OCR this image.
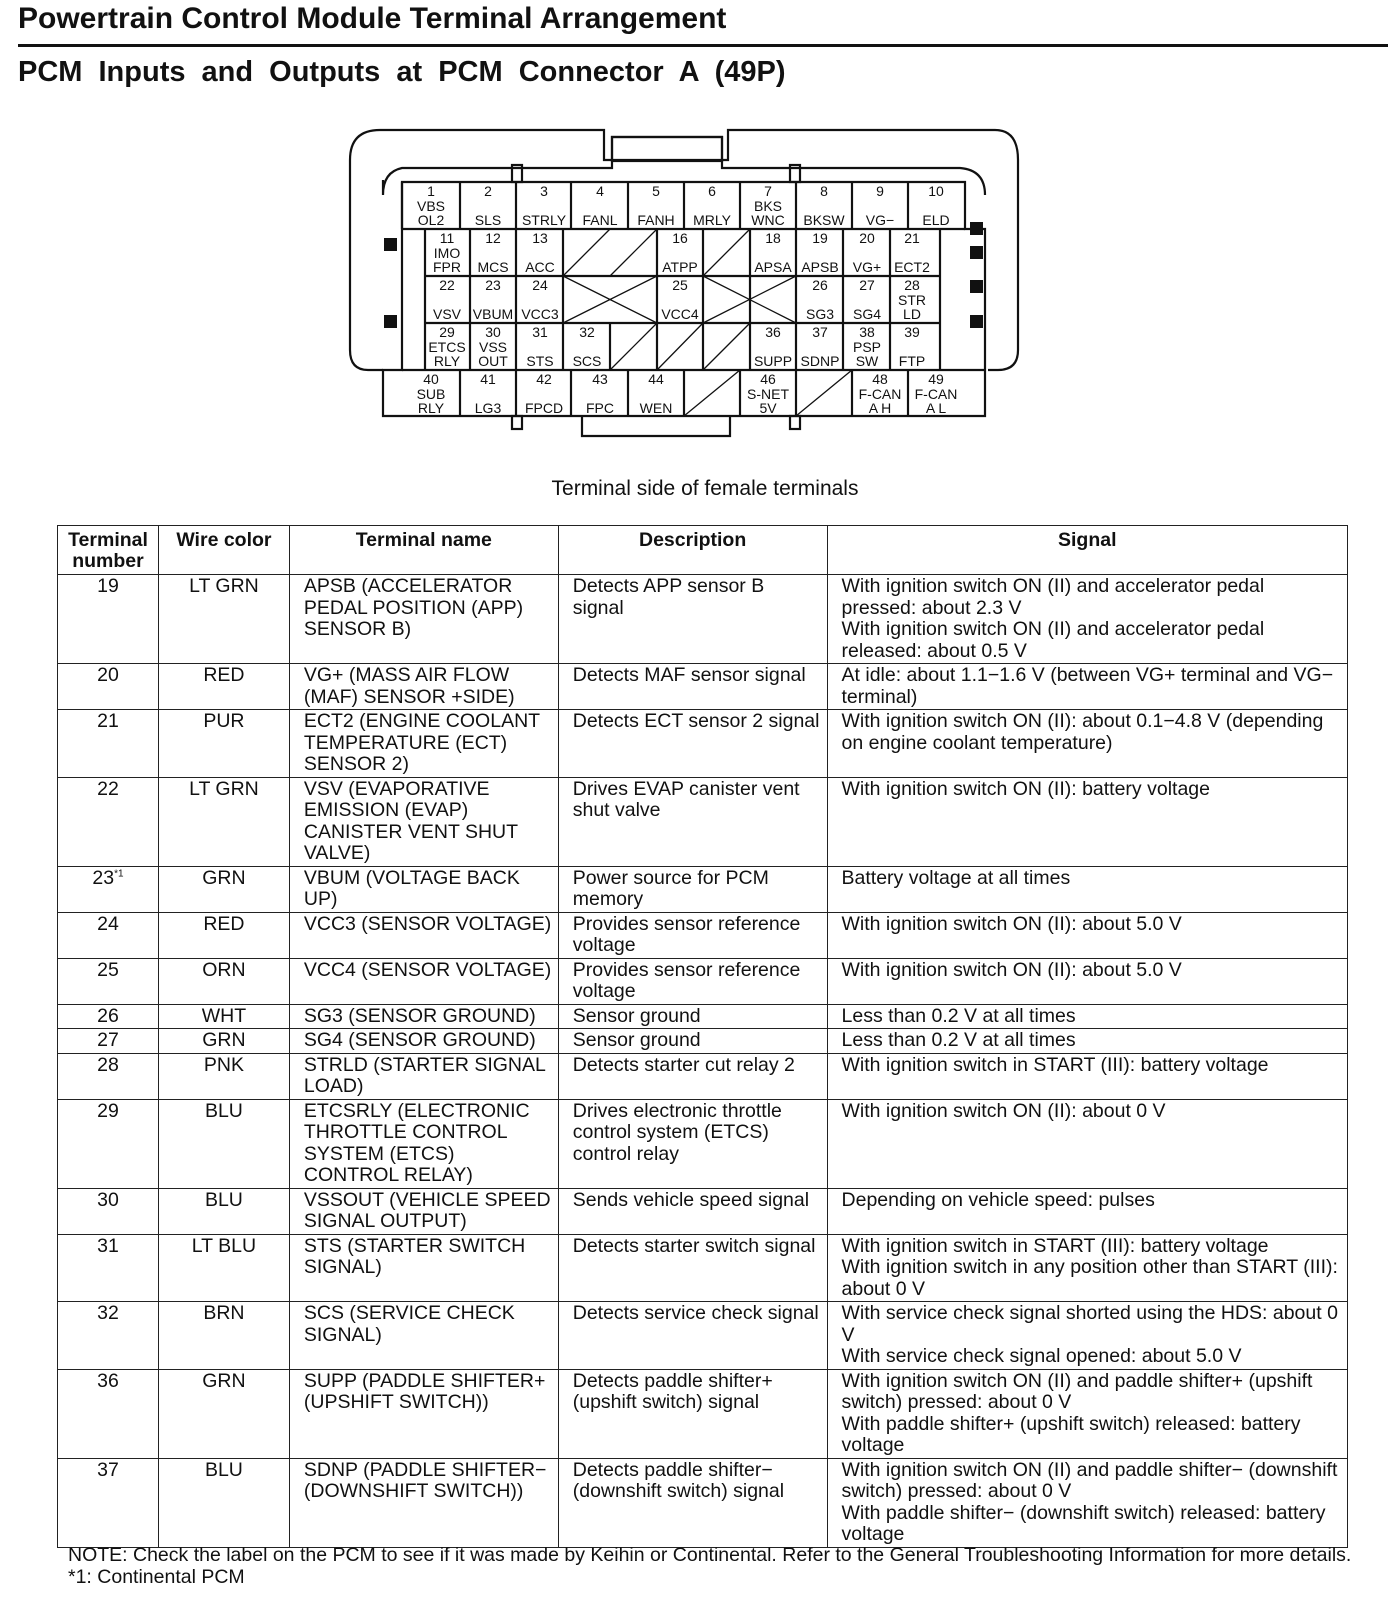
Powertrain Control Module Terminal Arrangement
PCM Inputs and Outputs at PCM Connector A (49P)
1
VBS
OL2
2
SLS
3
STRLY
4
FANL
5
FANH
6
MRLY
7
BKS
WNC
8
BKSW
9
VG−
10
ELD
11
IMO
FPR
12
MCS
13
ACC
16
ATPP
18
APSA
19
APSB
20
VG+
21
ECT2
22
VSV
23
VBUM
24
VCC3
25
VCC4
26
SG3
27
SG4
28
STR
LD
29
ETCS
RLY
30
VSS
OUT
31
STS
32
SCS
36
SUPP
37
SDNP
38
PSP
SW
39
FTP
40
SUB
RLY
41
LG3
42
FPCD
43
FPC
44
WEN
46
S-NET
5V
48
F-CAN
A H
49
F-CAN
A L
Terminal side of female terminals
Terminal number	Wire color	Terminal name	Description	Signal
19	LT GRN	APSB (ACCELERATOR PEDAL POSITION (APP) SENSOR B)	Detects APP sensor B signal	With ignition switch ON (II) and accelerator pedal pressed: about 2.3 V
With ignition switch ON (II) and accelerator pedal released: about 0.5 V
20	RED	VG+ (MASS AIR FLOW (MAF) SENSOR +SIDE)	Detects MAF sensor signal	At idle: about 1.1−1.6 V (between VG+ terminal and VG− terminal)
21	PUR	ECT2 (ENGINE COOLANT TEMPERATURE (ECT) SENSOR 2)	Detects ECT sensor 2 signal	With ignition switch ON (II): about 0.1−4.8 V (depending on engine coolant temperature)
22	LT GRN	VSV (EVAPORATIVE EMISSION (EVAP) CANISTER VENT SHUT VALVE)	Drives EVAP canister vent shut valve	With ignition switch ON (II): battery voltage
23$^{*1}$	GRN	VBUM (VOLTAGE BACK UP)	Power source for PCM memory	Battery voltage at all times
24	RED	VCC3 (SENSOR VOLTAGE)	Provides sensor reference voltage	With ignition switch ON (II): about 5.0 V
25	ORN	VCC4 (SENSOR VOLTAGE)	Provides sensor reference voltage	With ignition switch ON (II): about 5.0 V
26	WHT	SG3 (SENSOR GROUND)	Sensor ground	Less than 0.2 V at all times
27	GRN	SG4 (SENSOR GROUND)	Sensor ground	Less than 0.2 V at all times
28	PNK	STRLD (STARTER SIGNAL LOAD)	Detects starter cut relay 2	With ignition switch in START (III): battery voltage
29	BLU	ETCSRLY (ELECTRONIC THROTTLE CONTROL SYSTEM (ETCS) CONTROL RELAY)	Drives electronic throttle control system (ETCS) control relay	With ignition switch ON (II): about 0 V
30	BLU	VSSOUT (VEHICLE SPEED SIGNAL OUTPUT)	Sends vehicle speed signal	Depending on vehicle speed: pulses
31	LT BLU	STS (STARTER SWITCH SIGNAL)	Detects starter switch signal	With ignition switch in START (III): battery voltage
With ignition switch in any position other than START (III): about 0 V
32	BRN	SCS (SERVICE CHECK SIGNAL)	Detects service check signal	With service check signal shorted using the HDS: about 0 V
With service check signal opened: about 5.0 V
36	GRN	SUPP (PADDLE SHIFTER+ (UPSHIFT SWITCH))	Detects paddle shifter+ (upshift switch) signal	With ignition switch ON (II) and paddle shifter+ (upshift switch) pressed: about 0 V
With paddle shifter+ (upshift switch) released: battery voltage
37	BLU	SDNP (PADDLE SHIFTER− (DOWNSHIFT SWITCH))	Detects paddle shifter− (downshift switch) signal	With ignition switch ON (II) and paddle shifter− (downshift switch) pressed: about 0 V
With paddle shifter− (downshift switch) released: battery voltage
NOTE: Check the label on the PCM to see if it was made by Keihin or Continental. Refer to the General Troubleshooting Information for more details.
*1: Continental PCM
